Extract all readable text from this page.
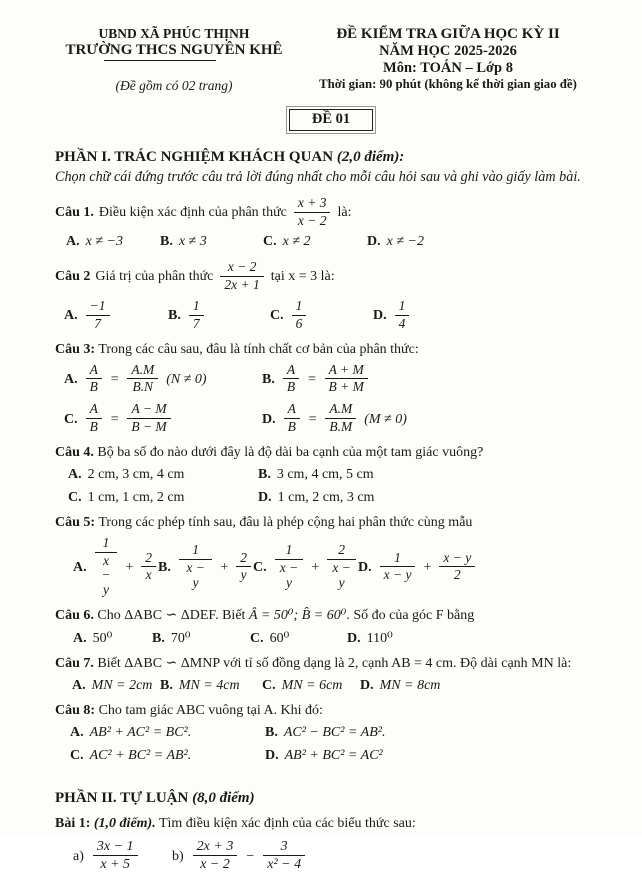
UBND XÃ PHÚC THỊNH
TRƯỜNG THCS NGUYÊN KHÊ
(Đề gồm có 02 trang)
ĐỀ KIỂM TRA GIỮA HỌC KỲ II
NĂM HỌC 2025-2026
Môn: TOÁN – Lớp 8
Thời gian: 90 phút (không kể thời gian giao đề)
ĐỀ 01
PHẦN I. TRÁC NGHIỆM KHÁCH QUAN (2,0 điểm):
Chọn chữ cái đứng trước câu trả lời đúng nhất cho mỗi câu hỏi sau và ghi vào giấy làm bài.
Câu 1. Điều kiện xác định của phân thức $\frac{x + 3}{x - 2}$ là:
A. x ≠ −3	B. x ≠ 3	C. x ≠ 2	D. x ≠ −2
Câu 2 Giá trị của phân thức $\frac{x - 2}{2x + 1}$ tại x = 3 là:
A. $\frac{-1}{7}$	B. $\frac{1}{7}$	C. $\frac{1}{6}$	D. $\frac{1}{4}$
Câu 3: Trong các câu sau, đâu là tính chất cơ bản của phân thức:
A. $\frac{A}{B} = \frac{A.M}{B.N} (N \ne 0)$	B. $\frac{A}{B} = \frac{A + M}{B + M}$
C. $\frac{A}{B} = \frac{A - M}{B - M}$	D. $\frac{A}{B} = \frac{A.M}{B.M} (M \ne 0)$
Câu 4. Bộ ba số đo nào dưới đây là độ dài ba cạnh của một tam giác vuông?
A. 2 cm, 3 cm, 4 cm	B. 3 cm, 4 cm, 5 cm
C. 1 cm, 1 cm, 2 cm	D. 1 cm, 2 cm, 3 cm
Câu 5: Trong các phép tính sau, đâu là phép cộng hai phân thức cùng mẫu
A. $\frac{1}{x - y} + \frac{2}{x} B$. $\frac{1}{x - y} + \frac{2}{y} C$. $\frac{1}{x - y} + \frac{2}{x - y} D$. $\frac{1}{x - y} + \frac{x - y}{2}$
Câu 6. Cho ΔABC ∽ ΔDEF. Biết Â = 50⁰; B̂ = 60⁰. Số đo của góc F bằng
A. 50⁰	B. 70⁰	C. 60⁰	D. 110⁰
Câu 7. Biết ΔABC ∽ ΔMNP với tỉ số đồng dạng là 2, cạnh AB = 4 cm. Độ dài cạnh MN là:
A. MN = 2cm B. MN = 4cm C. MN = 6cm D. MN = 8cm
Câu 8: Cho tam giác ABC vuông tại A. Khi đó:
A. AB² + AC² = BC².	B. AC² − BC² = AB².
C. AC² + BC² = AB².	D. AB² + BC² = AC²
PHẦN II. TỰ LUẬN (8,0 điểm)
Bài 1: (1,0 điểm). Tìm điều kiện xác định của các biểu thức sau:
$a) \frac{3x - 1}{x + 5} b) \frac{2x + 3}{x - 2} - \frac{3}{\text{x² − 4}}$
